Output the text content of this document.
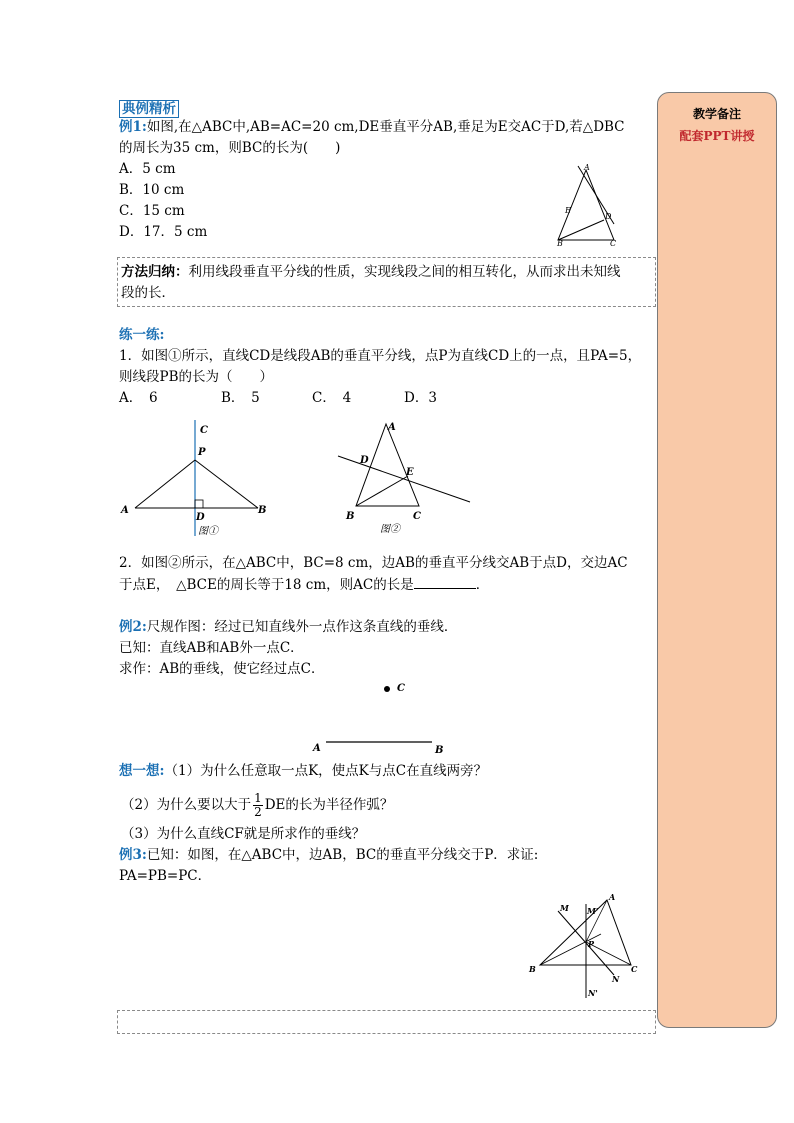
教学备注
配套PPT讲授
典例精析
例1:如图,在△ABC中,AB=AC=20 cm,DE垂直平分AB,垂足为E交AC于D,若△DBC
的周长为35 cm，则BC的长为(　　)
A．5 cm
B．10 cm
C．15 cm
D．17．5 cm
A
E
D
B	C
方法归纳：利用线段垂直平分线的性质，实现线段之间的相互转化，从而求出未知线
段的长．
练一练:
1．如图①所示，直线CD是线段AB的垂直平分线，点P为直线CD上的一点，且PA=5，
则线段PB的长为（　　）
A．　6	B．　5	C．　4	D．3
C
P
A
D
B
图①
A
D
E
B	C
图②
2．如图②所示，在△ABC中，BC=8 cm，边AB的垂直平分线交AB于点D，交边AC
于点E，　△BCE的周长等于18 cm，则AC的长是	．
例2:尺规作图：经过已知直线外一点作这条直线的垂线．
已知：直线AB和AB外一点C．
求作：AB的垂线，使它经过点C．
C
A	B
想一想:（1）为什么任意取一点K，使点K与点C在直线两旁？
（2）为什么要以大于 $\frac{1}{2}$ DE的长为半径作弧？
（3）为什么直线CF就是所求作的垂线？
例3:已知：如图，在△ABC中，边AB，BC的垂直平分线交于P．求证:
PA=PB=PC．
A
M M'
P
B	C
N
N'
